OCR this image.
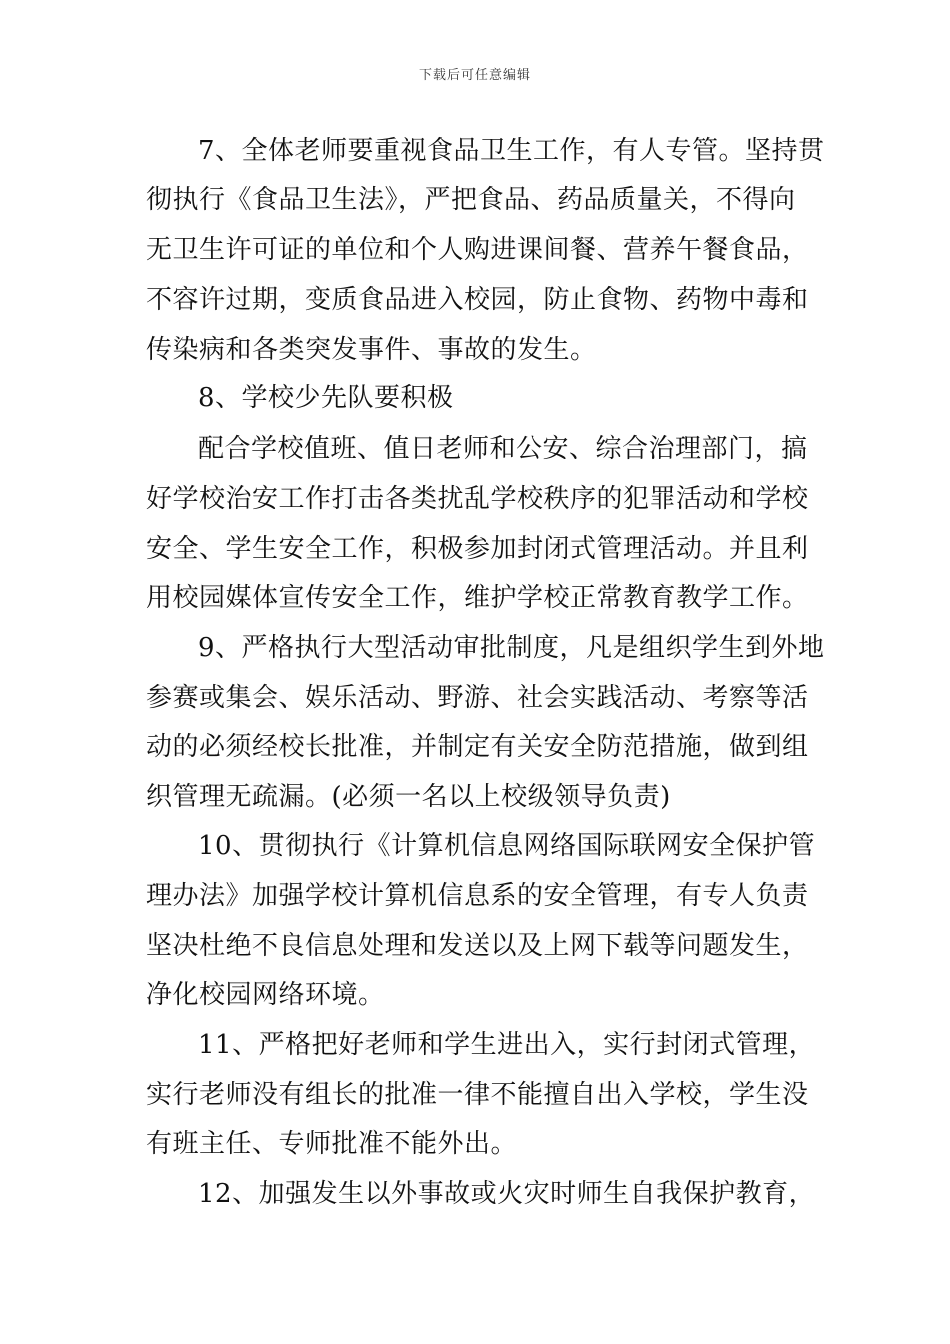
下载后可任意编辑
7、全体老师要重视食品卫生工作，有人专管。坚持贯
彻执行《食品卫生法》，严把食品、药品质量关，不得向
无卫生许可证的单位和个人购进课间餐、营养午餐食品，
不容许过期，变质食品进入校园，防止食物、药物中毒和
传染病和各类突发事件、事故的发生。
8、学校少先队要积极
配合学校值班、值日老师和公安、综合治理部门，搞
好学校治安工作打击各类扰乱学校秩序的犯罪活动和学校
安全、学生安全工作，积极参加封闭式管理活动。并且利
用校园媒体宣传安全工作，维护学校正常教育教学工作。
9、严格执行大型活动审批制度，凡是组织学生到外地
参赛或集会、娱乐活动、野游、社会实践活动、考察等活
动的必须经校长批准，并制定有关安全防范措施，做到组
织管理无疏漏。(必须一名以上校级领导负责)
10、贯彻执行《计算机信息网络国际联网安全保护管
理办法》加强学校计算机信息系的安全管理，有专人负责
坚决杜绝不良信息处理和发送以及上网下载等问题发生，
净化校园网络环境。
11、严格把好老师和学生进出入，实行封闭式管理，
实行老师没有组长的批准一律不能擅自出入学校，学生没
有班主任、专师批准不能外出。
12、加强发生以外事故或火灾时师生自我保护教育，
